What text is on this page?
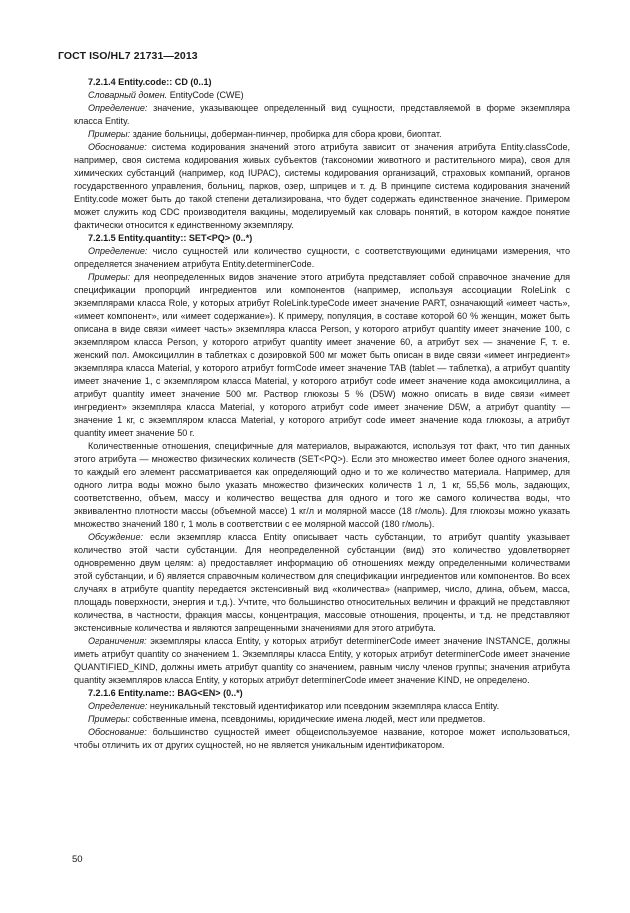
ГОСТ ISO/HL7 21731—2013

7.2.1.4 Entity.code:: CD (0..1)

Словарный домен. EntityCode (CWE)

Определение: значение, указывающее определенный вид сущности, представляемой в форме экземпляра класса Entity.

Примеры: здание больницы, доберман-пинчер, пробирка для сбора крови, биоптат.

Обоснование: система кодирования значений этого атрибута зависит от значения атрибута Entity.classCode, например, своя система кодирования живых субъектов (таксономии животного и растительного мира), своя для химических субстанций (например, код IUPAC), системы кодирования организаций, страховых компаний, органов государственного управления, больниц, парков, озер, шприцев и т. д. В принципе система кодирования значений Entity.code может быть до такой степени детализирована, что будет содержать единственное значение. Примером может служить код CDC производителя вакцины, моделируемый как словарь понятий, в котором каждое понятие фактически относится к единственному экземпляру.

7.2.1.5 Entity.quantity:: SET<PQ> (0..*)

Определение: число сущностей или количество сущности, с соответствующими единицами измерения, что определяется значением атрибута Entity.determinerCode.

Примеры: для неопределенных видов значение этого атрибута представляет собой справочное значение для спецификации пропорций ингредиентов или компонентов (например, используя ассоциации RoleLink с экземплярами класса Role, у которых атрибут RoleLink.typeCode имеет значение PART, означающий «имеет часть», «имеет компонент», или «имеет содержание»). К примеру, популяция, в составе которой 60 % женщин, может быть описана в виде связи «имеет часть» экземпляра класса Person, у которого атрибут quantity имеет значение 100, с экземпляром класса Person, у которого атрибут quantity имеет значение 60, а атрибут sex — значение F, т. е. женский пол. Амоксициллин в таблетках с дозировкой 500 мг может быть описан в виде связи «имеет ингредиент» экземпляра класса Material, у которого атрибут formCode имеет значение TAB (tablet — таблетка), а атрибут quantity имеет значение 1, с экземпляром класса Material, у которого атрибут code имеет значение кода амоксициллина, а атрибут quantity имеет значение 500 мг. Раствор глюкозы 5 % (D5W) можно описать в виде связи «имеет ингредиент» экземпляра класса Material, у которого атрибут code имеет значение D5W, а атрибут quantity — значение 1 кг, с экземпляром класса Material, у которого атрибут code имеет значение кода глюкозы, а атрибут quantity имеет значение 50 г.

Количественные отношения, специфичные для материалов, выражаются, используя тот факт, что тип данных этого атрибута — множество физических количеств (SET<PQ>). Если это множество имеет более одного значения, то каждый его элемент рассматривается как определяющий одно и то же количество материала. Например, для одного литра воды можно было указать множество физических количеств 1 л, 1 кг, 55,56 моль, задающих, соответственно, объем, массу и количество вещества для одного и того же самого количества воды, что эквивалентно плотности массы (объемной массе) 1 кг/л и молярной массе (18 г/моль). Для глюкозы можно указать множество значений 180 г, 1 моль в соответствии с ее молярной массой (180 г/моль).

Обсуждение: если экземпляр класса Entity описывает часть субстанции, то атрибут quantity указывает количество этой части субстанции. Для неопределенной субстанции (вид) это количество удовлетворяет одновременно двум целям: а) предоставляет информацию об отношениях между определенными количествами этой субстанции, и б) является справочным количеством для спецификации ингредиентов или компонентов. Во всех случаях в атрибуте quantity передается экстенсивный вид «количества» (например, число, длина, объем, масса, площадь поверхности, энергия и т.д.). Учтите, что большинство относительных величин и фракций не представляют количества, в частности, фракция массы, концентрация, массовые отношения, проценты, и т.д. не представляют экстенсивные количества и являются запрещенными значениями для этого атрибута.

Ограничения: экземпляры класса Entity, у которых атрибут determinerCode имеет значение INSTANCE, должны иметь атрибут quantity со значением 1. Экземпляры класса Entity, у которых атрибут determinerCode имеет значение QUANTIFIED_KIND, должны иметь атрибут quantity со значением, равным числу членов группы; значения атрибута quantity экземпляров класса Entity, у которых атрибут determinerCode имеет значение KIND, не определено.

7.2.1.6 Entity.name:: BAG<EN> (0..*)

Определение: неуникальный текстовый идентификатор или псевдоним экземпляра класса Entity.

Примеры: собственные имена, псевдонимы, юридические имена людей, мест или предметов.

Обоснование: большинство сущностей имеет общеиспользуемое название, которое может использоваться, чтобы отличить их от других сущностей, но не является уникальным идентификатором.

50
